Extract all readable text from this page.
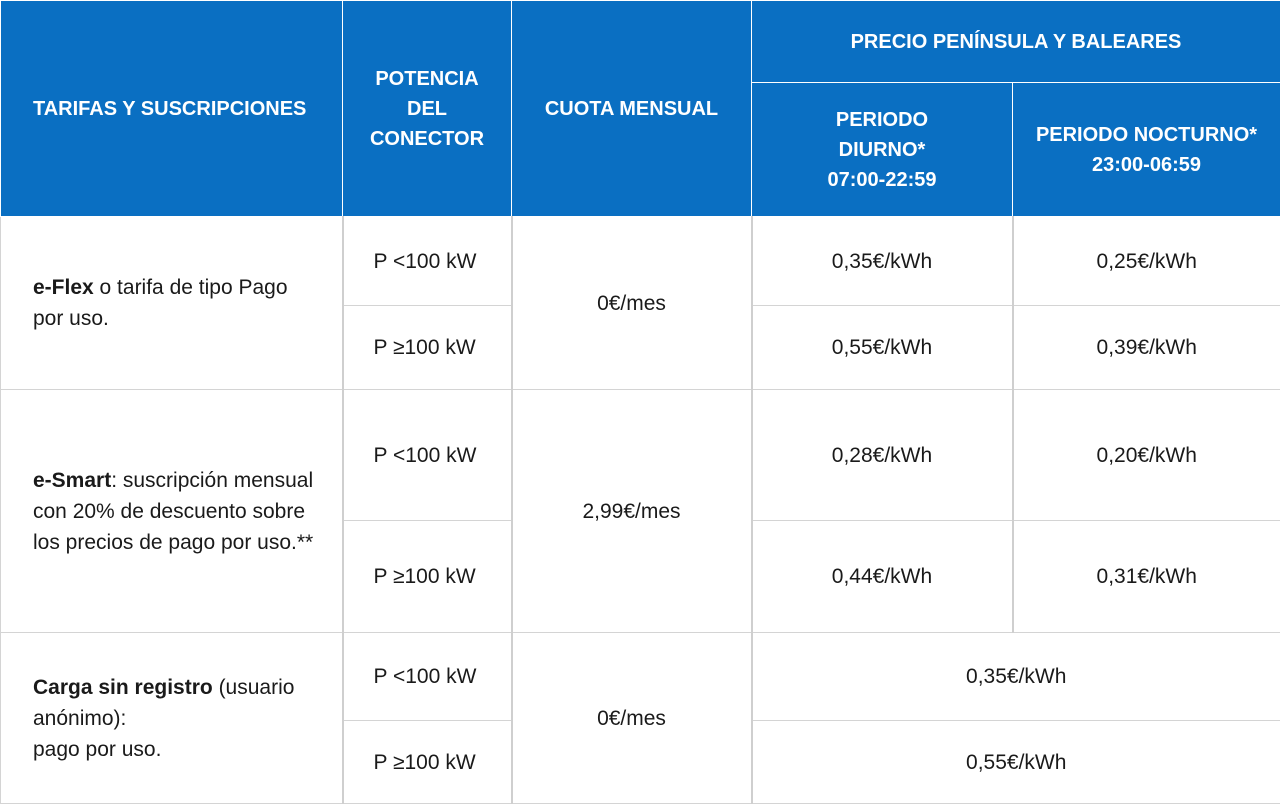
TARIFAS Y SUSCRIPCIONES	POTENCIA
DEL
CONECTOR	CUOTA MENSUAL	PRECIO PENÍNSULA Y BALEARES	

			PERIODO
DIURNO*
07:00-22:59	PERIODO NOCTURNO*
23:00-06:59

e-Flex o tarifa de tipo Pago por uso.	P <100 kW	0€/mes	0,35€/kWh	0,25€/kWh
	P ≥100 kW		0,55€/kWh	0,39€/kWh
e-Smart: suscripción mensual con 20% de descuento sobre los precios de pago por uso.**	P <100 kW	2,99€/mes	0,28€/kWh	0,20€/kWh
	P ≥100 kW		0,44€/kWh	0,31€/kWh
Carga sin registro (usuario anónimo):
pago por uso.	P <100 kW	0€/mes	0,35€/kWh	
	P ≥100 kW		0,55€/kWh	
